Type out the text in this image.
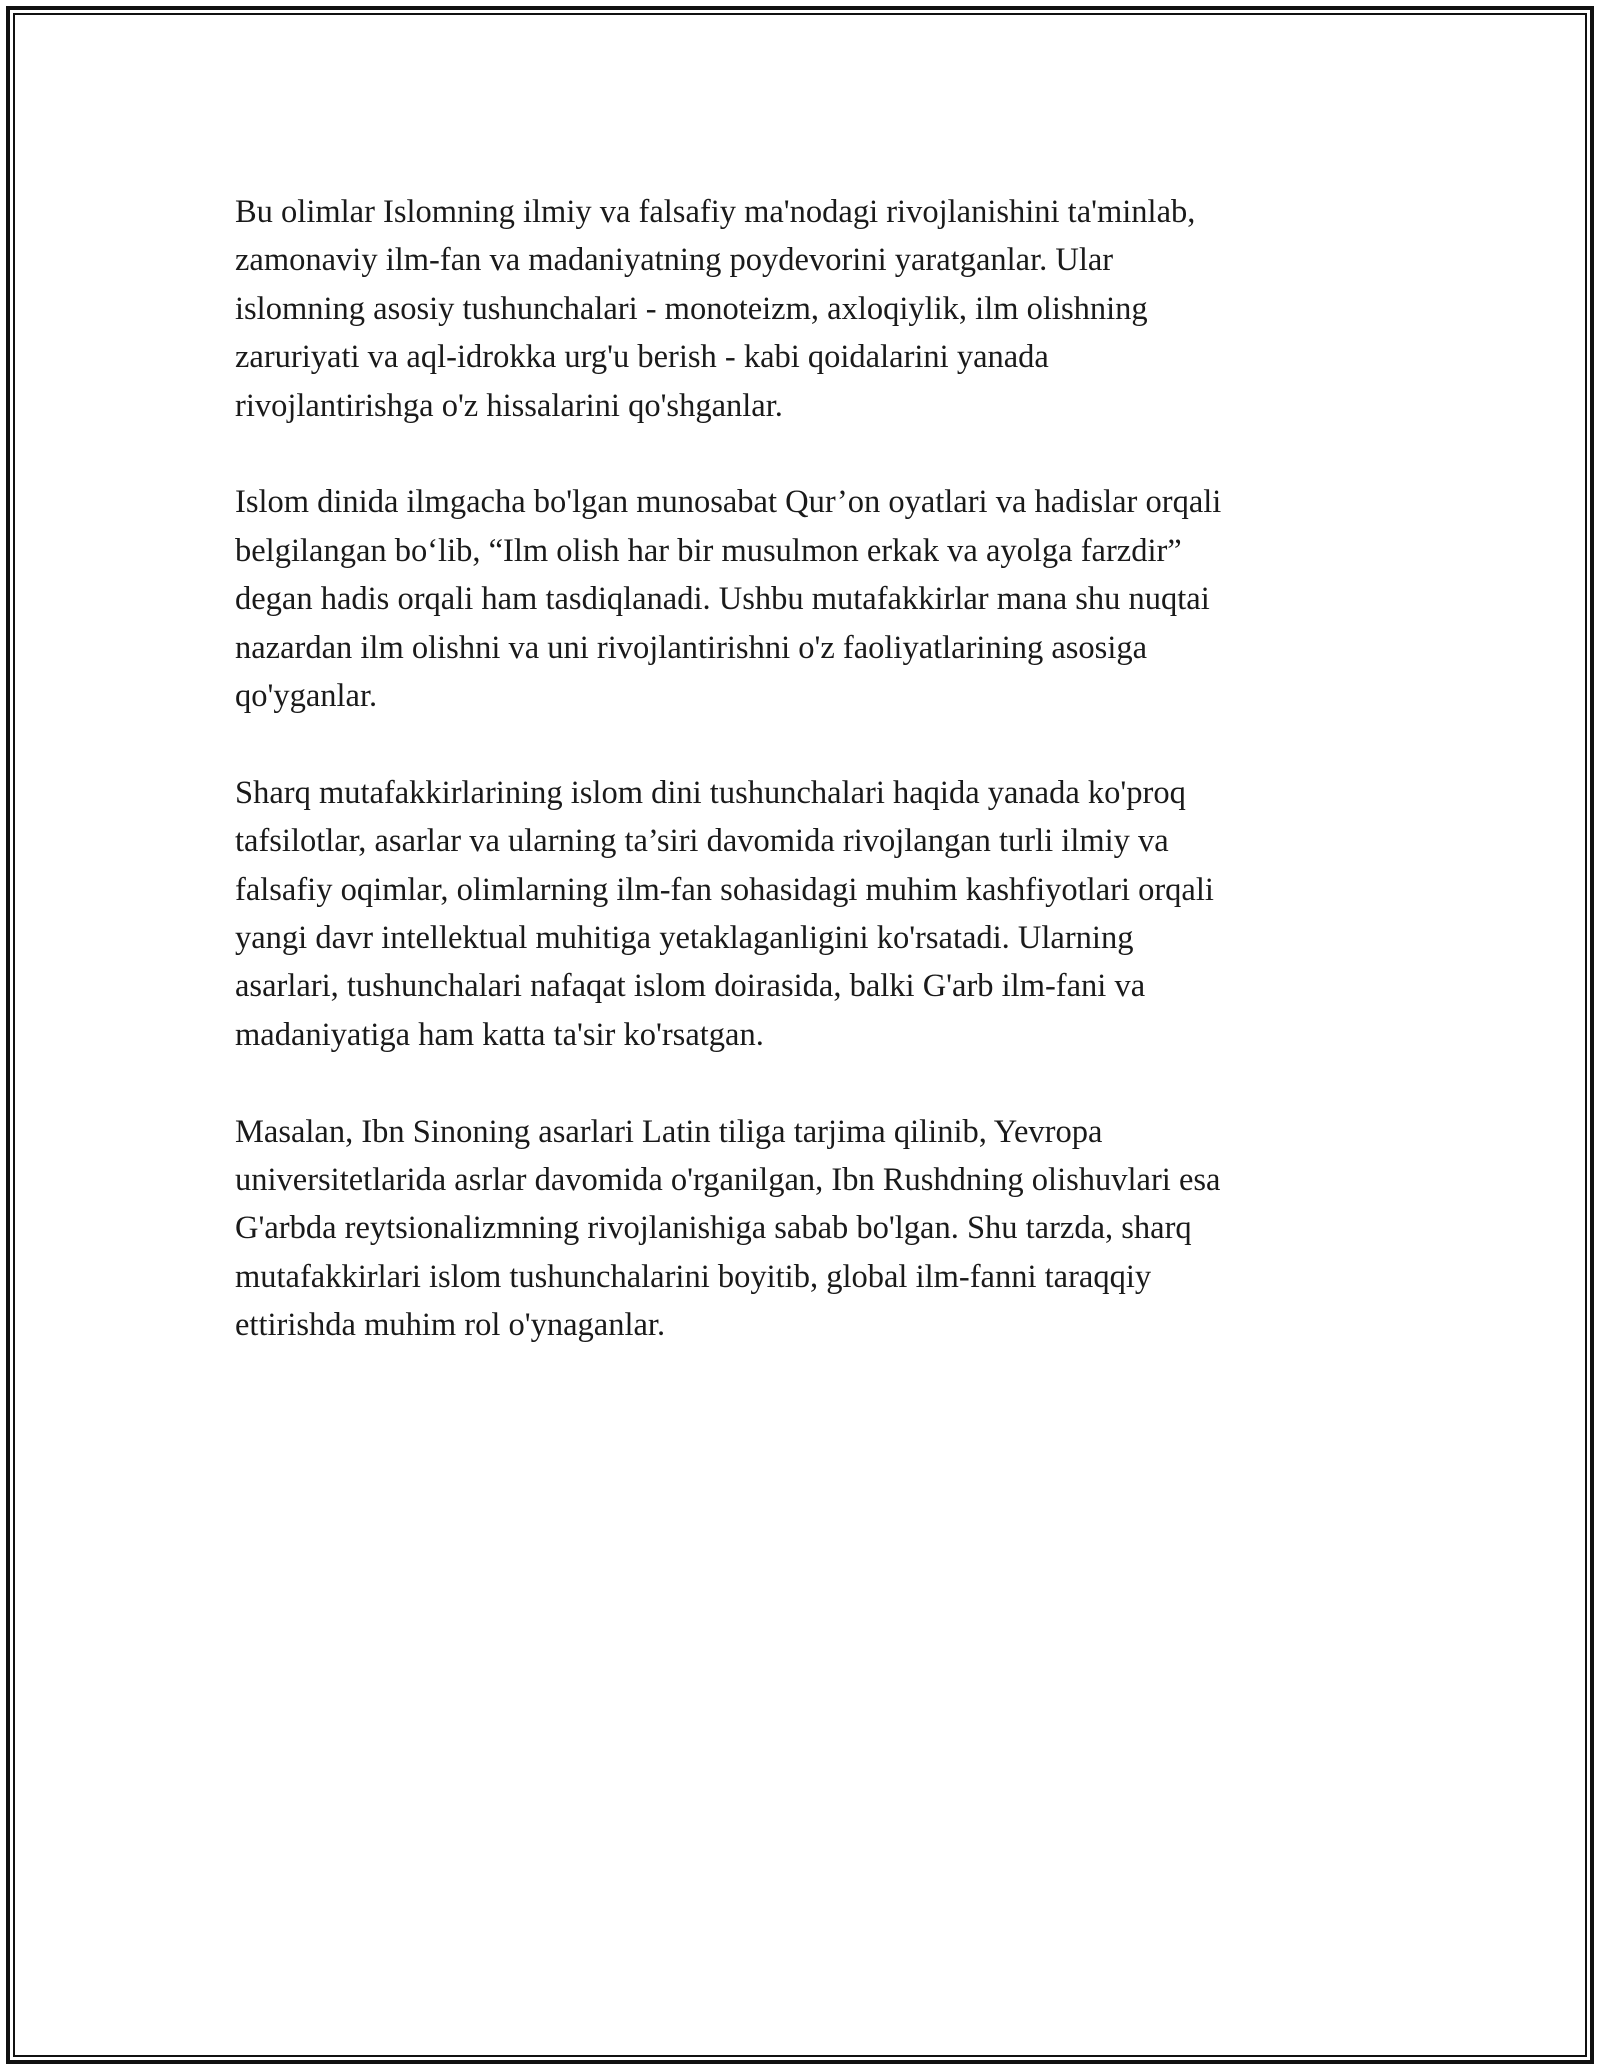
Bu olimlar Islomning ilmiy va falsafiy ma'nodagi rivojlanishini ta'minlab,
zamonaviy ilm-fan va madaniyatning poydevorini yaratganlar. Ular
islomning asosiy tushunchalari - monoteizm, axloqiylik, ilm olishning
zaruriyati va aql-idrokka urg'u berish - kabi qoidalarini yanada
rivojlantirishga o'z hissalarini qo'shganlar.

Islom dinida ilmgacha bo'lgan munosabat Qur’on oyatlari va hadislar orqali
belgilangan bo‘lib, “Ilm olish har bir musulmon erkak va ayolga farzdir”
degan hadis orqali ham tasdiqlanadi. Ushbu mutafakkirlar mana shu nuqtai
nazardan ilm olishni va uni rivojlantirishni o'z faoliyatlarining asosiga
qo'yganlar.

Sharq mutafakkirlarining islom dini tushunchalari haqida yanada ko'proq
tafsilotlar, asarlar va ularning ta’siri davomida rivojlangan turli ilmiy va
falsafiy oqimlar, olimlarning ilm-fan sohasidagi muhim kashfiyotlari orqali
yangi davr intellektual muhitiga yetaklaganligini ko'rsatadi. Ularning
asarlari, tushunchalari nafaqat islom doirasida, balki G'arb ilm-fani va
madaniyatiga ham katta ta'sir ko'rsatgan.

Masalan, Ibn Sinoning asarlari Latin tiliga tarjima qilinib, Yevropa
universitetlarida asrlar davomida o'rganilgan, Ibn Rushdning olishuvlari esa
G'arbda reytsionalizmning rivojlanishiga sabab bo'lgan. Shu tarzda, sharq
mutafakkirlari islom tushunchalarini boyitib, global ilm-fanni taraqqiy
ettirishda muhim rol o'ynaganlar.
